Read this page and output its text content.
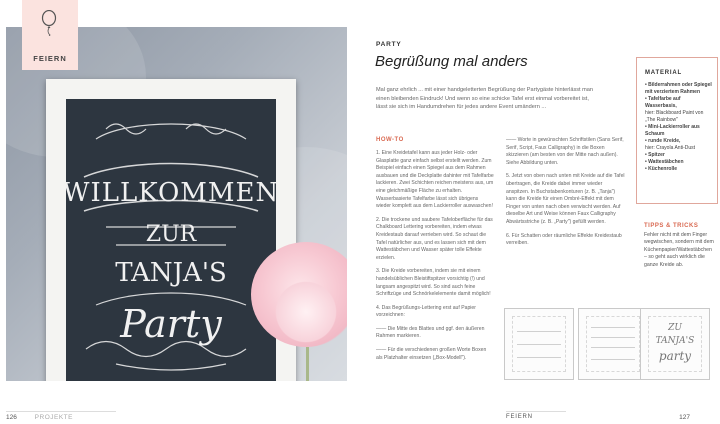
WILLKOMMEN
ZUR
TANJA'S
Party
FEIERN
126	PROJEKTE
PARTY
Begrüßung mal anders
Mal ganz ehrlich ... mit einer handgeletterten Begrüßung der Partygäste hinterlässt man einen bleibenden Eindruck! Und wenn so eine schicke Tafel erst einmal vorbereitet ist, lässt sie sich im Handumdrehen für jedes andere Event umändern ...
HOW-TO

1. Eine Kreidetafel kann aus jeder Holz- oder Glasplatte ganz einfach selbst erstellt werden. Zum Beispiel einfach einen Spiegel aus dem Rahmen ausbauen und die Deckplatte dahinter mit Tafelfarbe lackieren. Zwei Schichten reichen meistens aus, um eine gleichmäßige Fläche zu erhalten. Wasserbasierte Tafelfarbe lässt sich übrigens wieder komplett aus dem Lackierroller auswaschen!

2. Die trockene und saubere Tafeloberfläche für das Chalkboard Lettering vorbereiten, indem etwas Kreidestaub darauf verrieben wird. So schaut die Tafel natürlicher aus, und es lassen sich mit dem Wattestäbchen und Wasser später tolle Effekte erzielen.

3. Die Kreide vorbereiten, indem sie mit einem handelsüblichen Bleistiftspitzer vorsichtig (!) und langsam angespitzt wird. So sind auch feine Schriftzüge und Schnörkelelemente damit möglich!

4. Das Begrüßungs-Lettering erst auf Papier vorzeichnen:

—— Die Mitte des Blattes und ggf. den äußeren Rahmen markieren.

—— Für die verschiedenen großen Worte Boxen als Platzhalter einsetzen („Box-Modell").

—— Worte in gewünschten Schriftstilen (Sans Serif, Serif, Script, Faux Calligraphy) in die Boxen skizzieren (am besten von der Mitte nach außen). Siehe Abbildung unten.

5. Jetzt von oben nach unten mit Kreide auf die Tafel übertragen, die Kreide dabei immer wieder anspitzen. In Buchstabenkonturen (z. B. „Tanja") kann die Kreide für einen Ombré-Effekt mit dem Finger von unten nach oben verwischt werden. Auf dieselbe Art und Weise können Faux Calligraphy Abwärtsstriche (z. B. „Party") gefüllt werden.

6. Für Schatten oder räumliche Effekte Kreidestaub verreiben.

MATERIAL
• Bilderrahmen oder Spiegel mit verziertem Rahmen
• Tafelfarbe auf Wasserbasis,
hier: Blackboard Paint von „The Rainbow"
• Mini-Lackierroller aus Schaum
• runde Kreide,
hier: Crayola Anti-Dust
• Spitzer
• Wattestäbchen
• Küchenrolle
TIPPS & TRICKS
Fehler nicht mit dem Finger wegwischen, sondern mit dem Küchenpapier/Wattestäbchen – so geht auch wirklich die ganze Kreide ab.
ZU
TANJA'S
party
FEIERN	127
